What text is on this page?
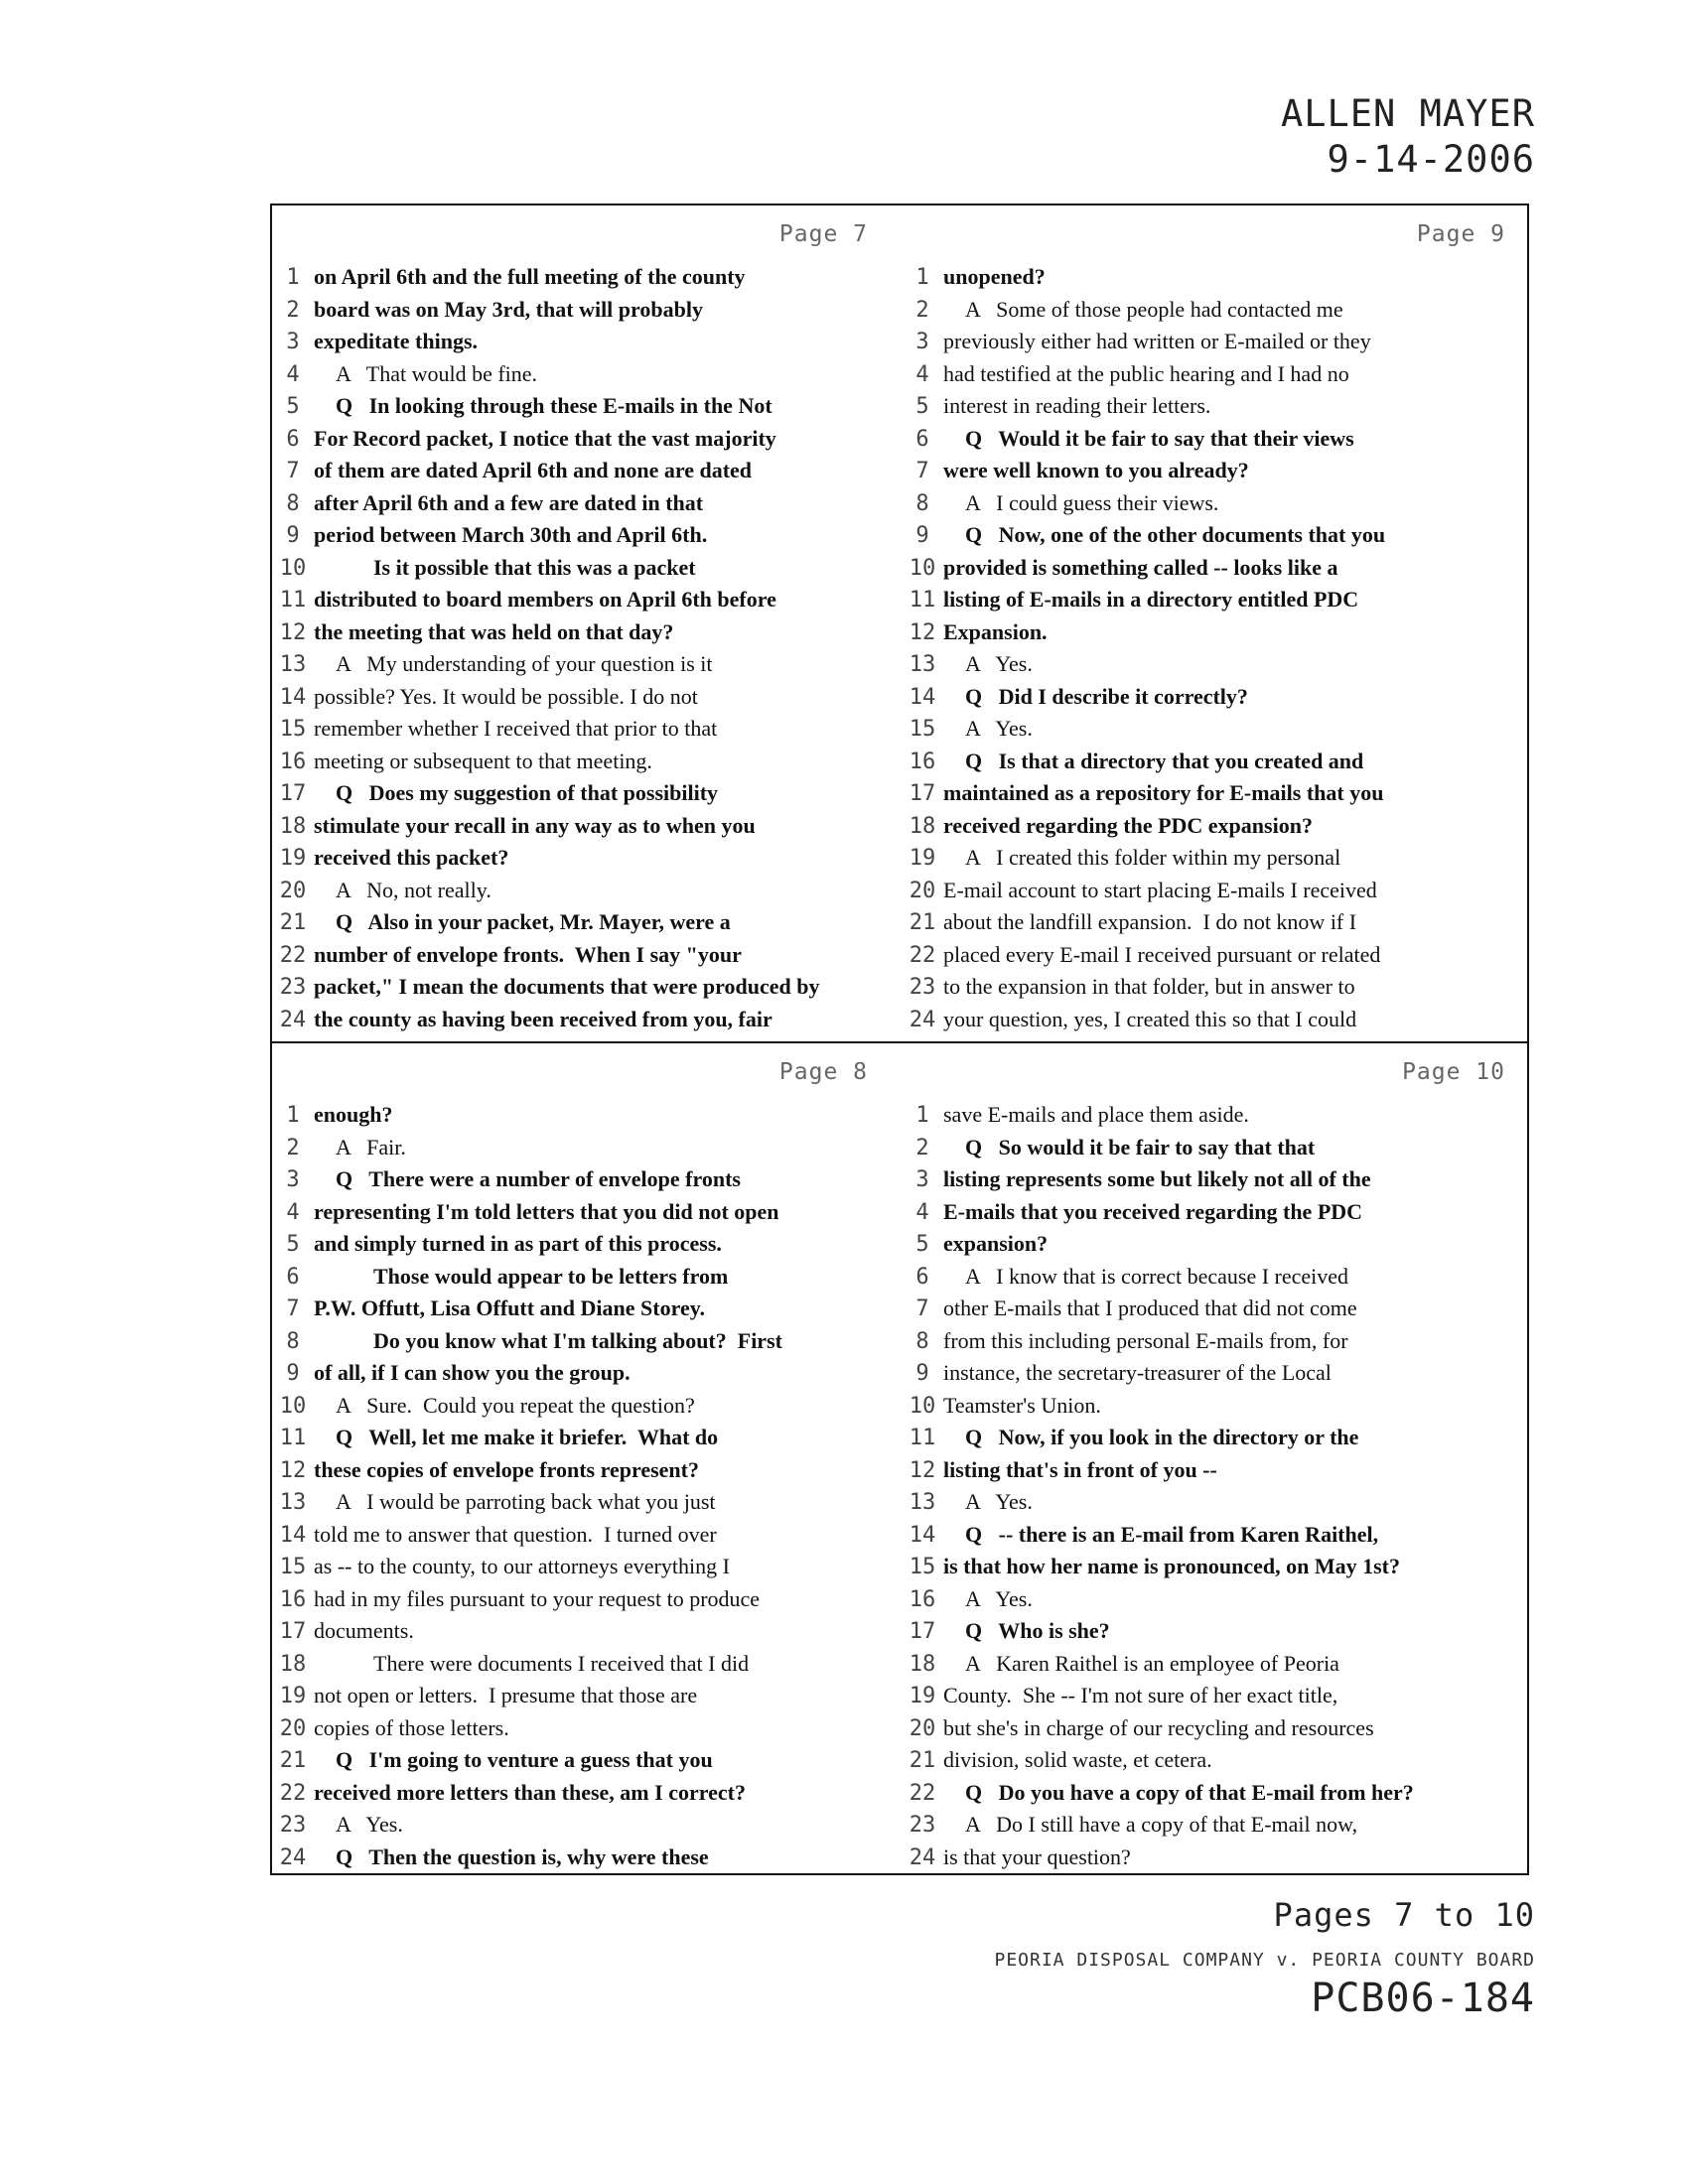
ALLEN MAYER
9-14-2006
Page 7
1 on April 6th and the full meeting of the county
2 board was on May 3rd, that will probably
3 expeditate things.
4	A   That would be fine.
5	Q   In looking through these E-mails in the Not
6 For Record packet, I notice that the vast majority
7 of them are dated April 6th and none are dated
8 after April 6th and a few are dated in that
9 period between March 30th and April 6th.
10	Is it possible that this was a packet
11 distributed to board members on April 6th before
12 the meeting that was held on that day?
13	A   My understanding of your question is it
14 possible? Yes. It would be possible. I do not
15 remember whether I received that prior to that
16 meeting or subsequent to that meeting.
17	Q   Does my suggestion of that possibility
18 stimulate your recall in any way as to when you
19 received this packet?
20	A   No, not really.
21	Q   Also in your packet, Mr. Mayer, were a
22 number of envelope fronts.  When I say "your
23 packet," I mean the documents that were produced by
24 the county as having been received from you, fair
Page 9
1 unopened?
2	A   Some of those people had contacted me
3 previously either had written or E-mailed or they
4 had testified at the public hearing and I had no
5 interest in reading their letters.
6	Q   Would it be fair to say that their views
7 were well known to you already?
8	A   I could guess their views.
9	Q   Now, one of the other documents that you
10 provided is something called -- looks like a
11 listing of E-mails in a directory entitled PDC
12 Expansion.
13	A   Yes.
14	Q   Did I describe it correctly?
15	A   Yes.
16	Q   Is that a directory that you created and
17 maintained as a repository for E-mails that you
18 received regarding the PDC expansion?
19	A   I created this folder within my personal
20 E-mail account to start placing E-mails I received
21 about the landfill expansion.  I do not know if I
22 placed every E-mail I received pursuant or related
23 to the expansion in that folder, but in answer to
24 your question, yes, I created this so that I could
Page 8
1 enough?
2	A   Fair.
3	Q   There were a number of envelope fronts
4 representing I'm told letters that you did not open
5 and simply turned in as part of this process.
6	Those would appear to be letters from
7 P.W. Offutt, Lisa Offutt and Diane Storey.
8	Do you know what I'm talking about?  First
9 of all, if I can show you the group.
10	A   Sure.  Could you repeat the question?
11	Q   Well, let me make it briefer.  What do
12 these copies of envelope fronts represent?
13	A   I would be parroting back what you just
14 told me to answer that question.  I turned over
15 as -- to the county, to our attorneys everything I
16 had in my files pursuant to your request to produce
17 documents.
18	There were documents I received that I did
19 not open or letters.  I presume that those are
20 copies of those letters.
21	Q   I'm going to venture a guess that you
22 received more letters than these, am I correct?
23	A   Yes.
24	Q   Then the question is, why were these
Page 10
1 save E-mails and place them aside.
2	Q   So would it be fair to say that that
3 listing represents some but likely not all of the
4 E-mails that you received regarding the PDC
5 expansion?
6	A   I know that is correct because I received
7 other E-mails that I produced that did not come
8 from this including personal E-mails from, for
9 instance, the secretary-treasurer of the Local
10 Teamster's Union.
11	Q   Now, if you look in the directory or the
12 listing that's in front of you --
13	A   Yes.
14	Q   -- there is an E-mail from Karen Raithel,
15 is that how her name is pronounced, on May 1st?
16	A   Yes.
17	Q   Who is she?
18	A   Karen Raithel is an employee of Peoria
19 County.  She -- I'm not sure of her exact title,
20 but she's in charge of our recycling and resources
21 division, solid waste, et cetera.
22	Q   Do you have a copy of that E-mail from her?
23	A   Do I still have a copy of that E-mail now,
24 is that your question?
Pages 7 to 10
PEORIA DISPOSAL COMPANY v. PEORIA COUNTY BOARD
PCB06-184
